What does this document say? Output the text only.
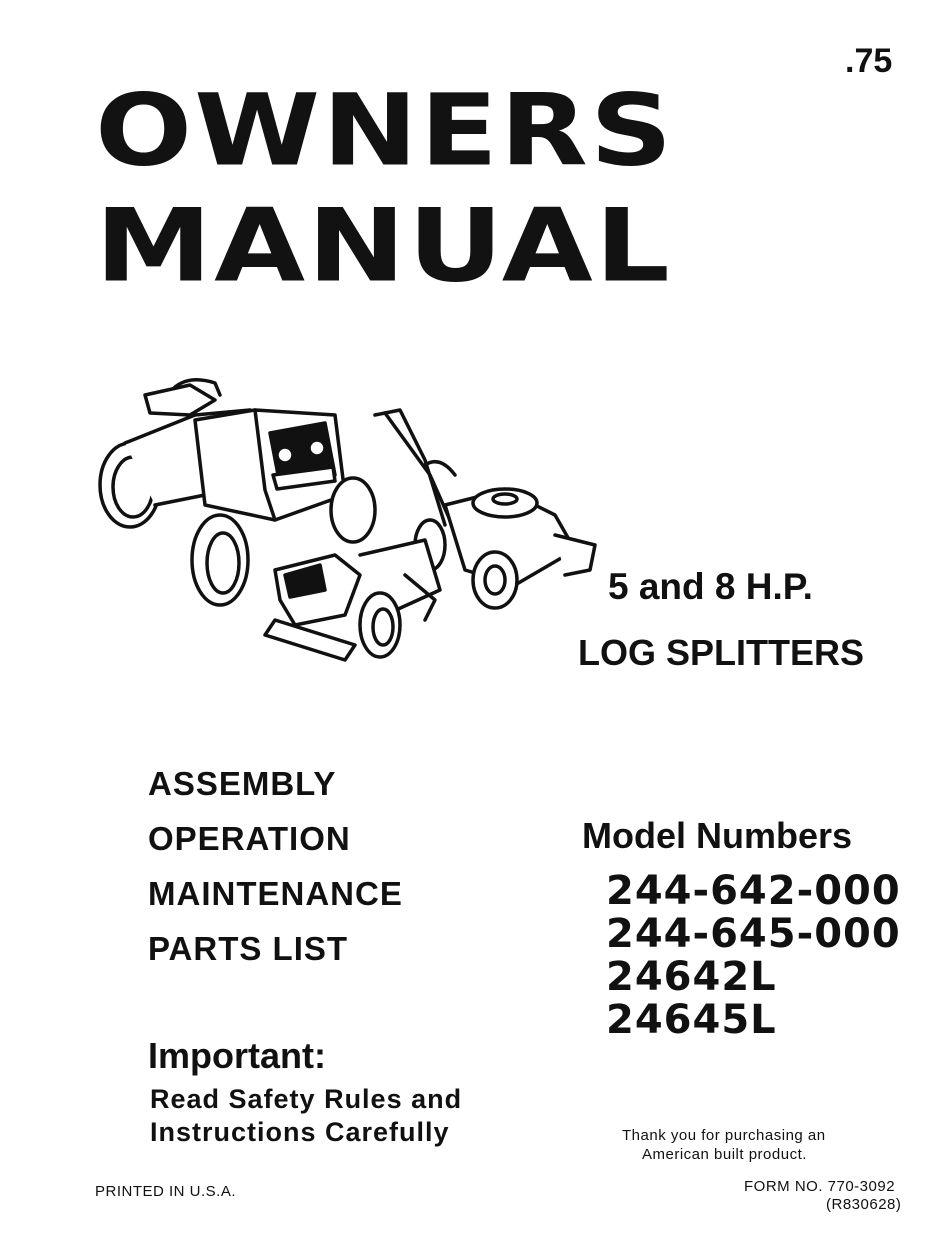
.75
OWNERS
MANUAL
5 and 8 H.P.
LOG SPLITTERS
ASSEMBLY
OPERATION
MAINTENANCE
PARTS LIST
Model Numbers
244-642-000
244-645-000
24642L
24645L
Important:
Read Safety Rules and
Instructions Carefully	Thank you for purchasing an
American built product.
PRINTED IN U.S.A.	FORM NO. 770-3092
(R830628)
